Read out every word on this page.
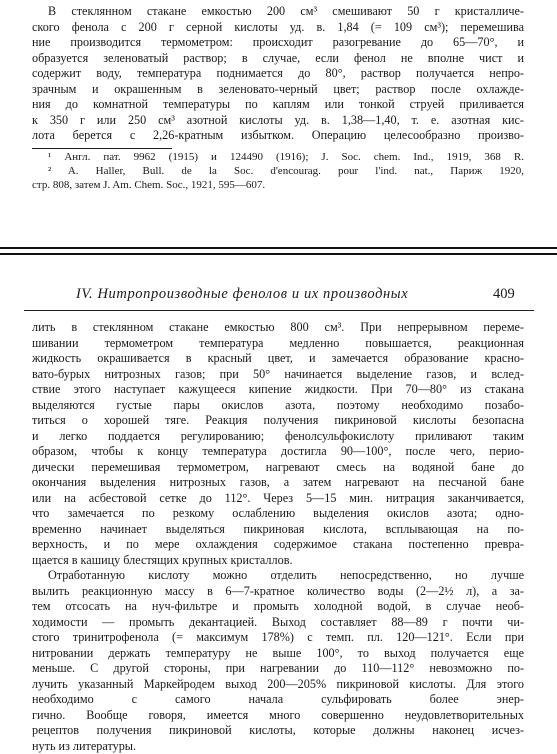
В стеклянном стакане емкостью 200 см³ смешивают 50 г кристалличе-
ского фенола с 200 г серной кислоты уд. в. 1,84 (= 109 см³); перемешива
ние производится термометром: происходит разогревание до 65—70°, и
образуется зеленоватый раствор; в случае, если фенол не вполне чист и
содержит воду, температура поднимается до 80°, раствор получается непро-
зрачным и окрашенным в зеленовато-черный цвет; раствор после охлажде-
ния до комнатной температуры по каплям или тонкой струей приливается
к 350 г или 250 см³ азотной кислоты уд. в. 1,38—1,40, т. е. азотная кис-
лота берется с 2,26-кратным избытком. Операцию целесообразно произво-
¹ Англ. пат. 9962 (1915) и 124490 (1916); J. Soc. chem. Ind., 1919, 368 R.
² A. Haller, Bull. de la Soc. d'encourag. pour l'ind. nat., Париж 1920,
стр. 808, затем J. Am. Chem. Soc., 1921, 595—607.
IV. Нитропроизводные фенолов и их производных	409
лить в стеклянном стакане емкостью 800 см³. При непрерывном переме-
шивании термометром температура медленно повышается, реакционная
жидкость окрашивается в красный цвет, и замечается образование красно-
вато-бурых нитрозных газов; при 50° начинается выделение газов, и вслед-
ствие этого наступает кажущееся кипение жидкости. При 70—80° из стакана
выделяются густые пары окислов азота, поэтому необходимо позабо-
титься о хорошей тяге. Реакция получения пикриновой кислоты безопасна
и легко поддается регулированию; фенолсульфокислоту приливают таким
образом, чтобы к концу температура достигла 90—100°, после чего, перио-
дически перемешивая термометром, нагревают смесь на водяной бане до
окончания выделения нитрозных газов, а затем нагревают на песчаной бане
или на асбестовой сетке до 112°. Через 5—15 мин. нитрация заканчивается,
что замечается по резкому ослаблению выделения окислов азота; одно-
временно начинает выделяться пикриновая кислота, всплывающая на по-
верхность, и по мере охлаждения содержимое стакана постепенно превра-
щается в кашицу блестящих крупных кристаллов.
Отработанную кислоту можно отделить непосредственно, но лучше
вылить реакционную массу в 6—7-кратное количество воды (2—2½ л), а за-
тем отсосать на нуч-фильтре и промыть холодной водой, в случае необ-
ходимости — промыть декантацией. Выход составляет 88—89 г почти чи-
стого тринитрофенола (= максимум 178%) с темп. пл. 120—121°. Если при
нитровании держать температуру не выше 100°, то выход получается еще
меньше. С другой стороны, при нагревании до 110—112° невозможно по-
лучить указанный Маркейродем выход 200—205% пикриновой кислоты. Для этого необходимо с самого начала сульфировать более энер-
гично. Вообще говоря, имеется много совершенно неудовлетворительных
рецептов получения пикриновой кислоты, которые должны наконец исчез-
нуть из литературы.
